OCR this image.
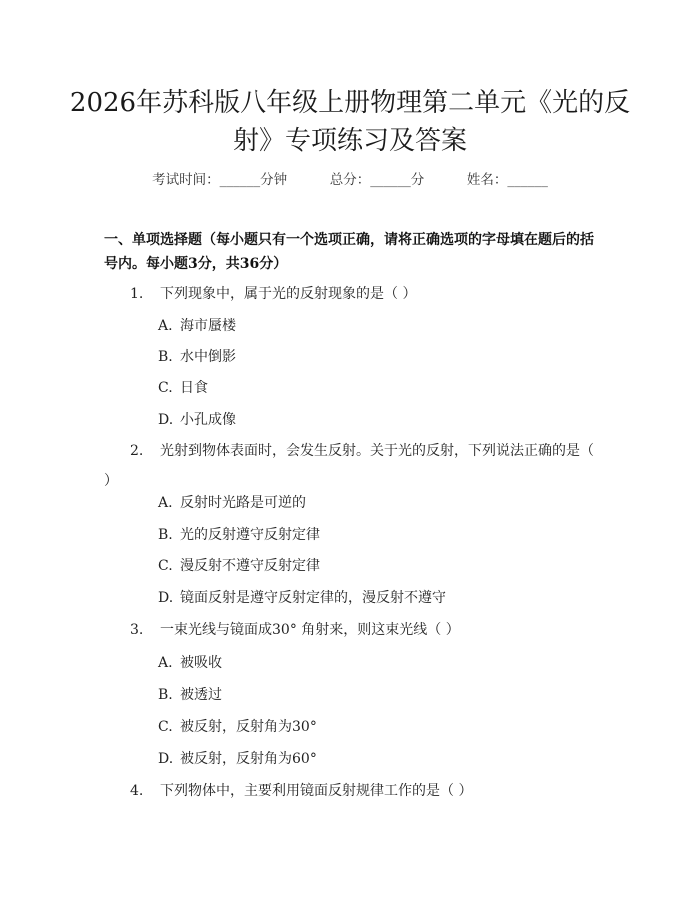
2026年苏科版八年级上册物理第二单元《光的反射》专项练习及答案
考试时间：______分钟	总分：______分	姓名：______

一、单项选择题（每小题只有一个选项正确，请将正确选项的字母填在题后的括号内。每小题3分，共36分）

1. 下列现象中，属于光的反射现象的是（ ）
A. 海市蜃楼
B. 水中倒影
C. 日食
D. 小孔成像
2. 光射到物体表面时，会发生反射。关于光的反射，下列说法正确的是（ ）
A. 反射时光路是可逆的
B. 光的反射遵守反射定律
C. 漫反射不遵守反射定律
D. 镜面反射是遵守反射定律的，漫反射不遵守
3. 一束光线与镜面成30° 角射来，则这束光线（ ）
A. 被吸收
B. 被透过
C. 被反射，反射角为30°
D. 被反射，反射角为60°
4. 下列物体中，主要利用镜面反射规律工作的是（ ）
